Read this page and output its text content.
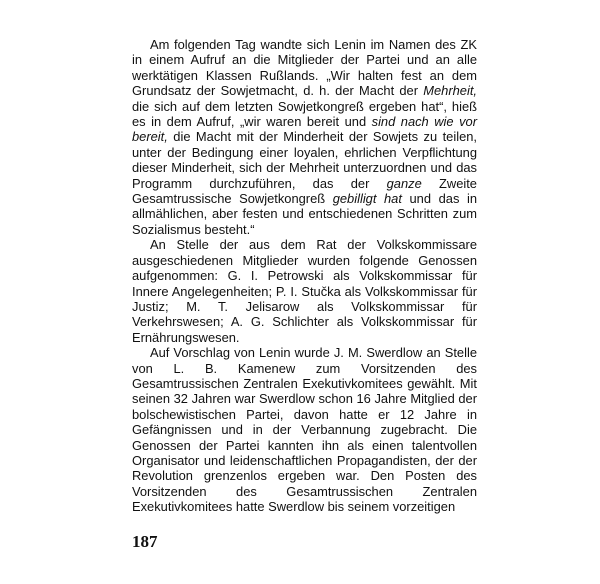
Am folgenden Tag wandte sich Lenin im Namen des ZK in einem Aufruf an die Mitglieder der Partei und an alle werktätigen Klassen Rußlands. „Wir halten fest an dem Grundsatz der Sowjetmacht, d. h. der Macht der Mehrheit, die sich auf dem letzten Sowjetkongreß ergeben hat“, hieß es in dem Aufruf, „wir waren bereit und sind nach wie vor bereit, die Macht mit der Minderheit der Sowjets zu teilen, unter der Bedingung einer loyalen, ehrlichen Verpflichtung dieser Minderheit, sich der Mehrheit unterzuordnen und das Programm durchzuführen, das der ganze Zweite Gesamtrussische Sowjetkongreß gebilligt hat und das in allmählichen, aber festen und entschiedenen Schritten zum Sozialismus besteht.“

An Stelle der aus dem Rat der Volkskommissare ausgeschiedenen Mitglieder wurden folgende Genossen aufgenommen: G. I. Petrowski als Volkskommissar für Innere Angelegenheiten; P. I. Stučka als Volkskommissar für Justiz; M. T. Jelisarow als Volkskommissar für Verkehrswesen; A. G. Schlichter als Volkskommissar für Ernährungswesen.

Auf Vorschlag von Lenin wurde J. M. Swerdlow an Stelle von L. B. Kamenew zum Vorsitzenden des Gesamtrussischen Zentralen Exekutivkomitees gewählt. Mit seinen 32 Jahren war Swerdlow schon 16 Jahre Mitglied der bolschewistischen Partei, davon hatte er 12 Jahre in Gefängnissen und in der Verbannung zugebracht. Die Genossen der Partei kannten ihn als einen talentvollen Organisator und leidenschaftlichen Propagandisten, der der Revolution grenzenlos ergeben war. Den Posten des Vorsitzenden des Gesamtrussischen Zentralen Exekutivkomitees hatte Swerdlow bis seinem vorzeitigen

187
